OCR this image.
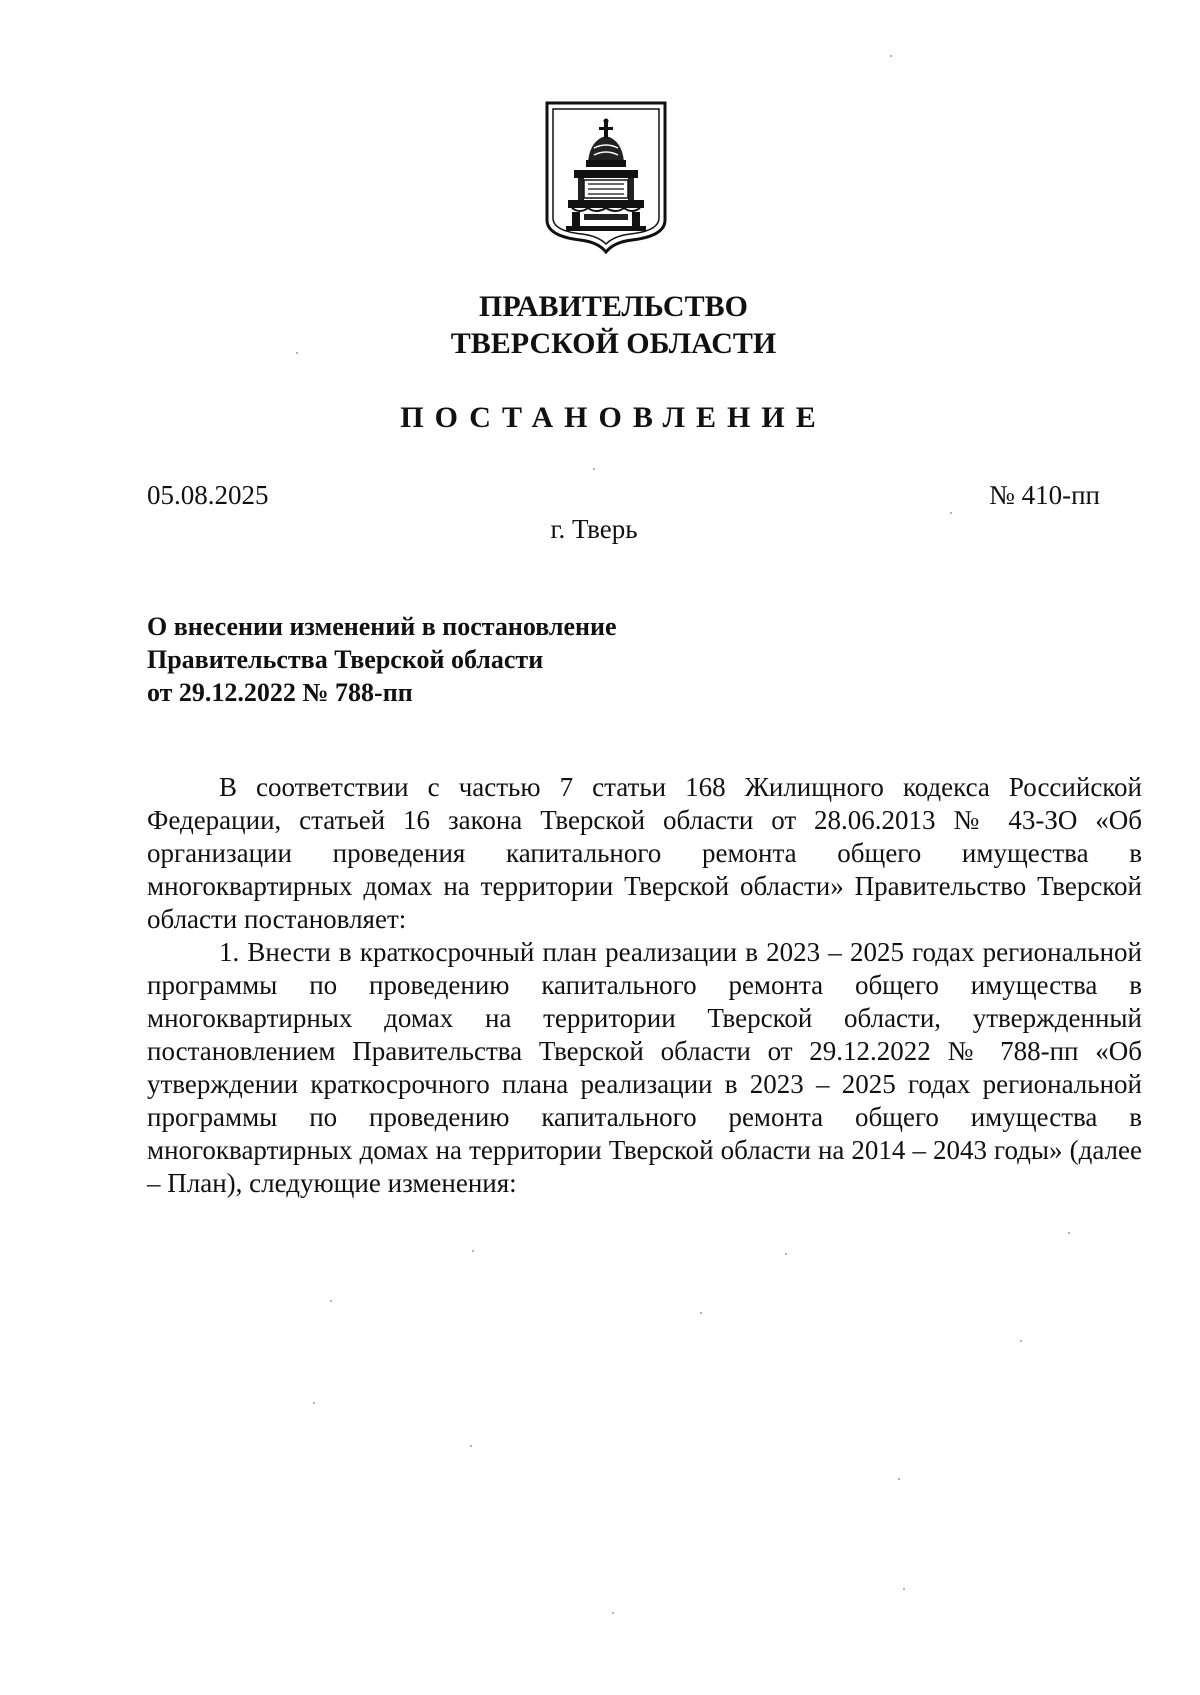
ПРАВИТЕЛЬСТВО
ТВЕРСКОЙ ОБЛАСТИ
ПОСТАНОВЛЕНИЕ
05.08.2025	№ 410-пп
г. Тверь
О внесении изменений в постановление
Правительства Тверской области
от 29.12.2022 № 788-пп

В соответствии с частью 7 статьи 168 Жилищного кодекса Российской Федерации, статьей 16 закона Тверской области от 28.06.2013 № 43-ЗО «Об организации проведения капитального ремонта общего имущества в многоквартирных домах на территории Тверской области» Правительство Тверской области постановляет:

1. Внести в краткосрочный план реализации в 2023 – 2025 годах региональной программы по проведению капитального ремонта общего имущества в многоквартирных домах на территории Тверской области, утвержденный постановлением Правительства Тверской области от 29.12.2022 № 788-пп «Об утверждении краткосрочного плана реализации в 2023 – 2025 годах региональной программы по проведению капитального ремонта общего имущества в многоквартирных домах на территории Тверской области на 2014 – 2043 годы» (далее – План), следующие изменения:
